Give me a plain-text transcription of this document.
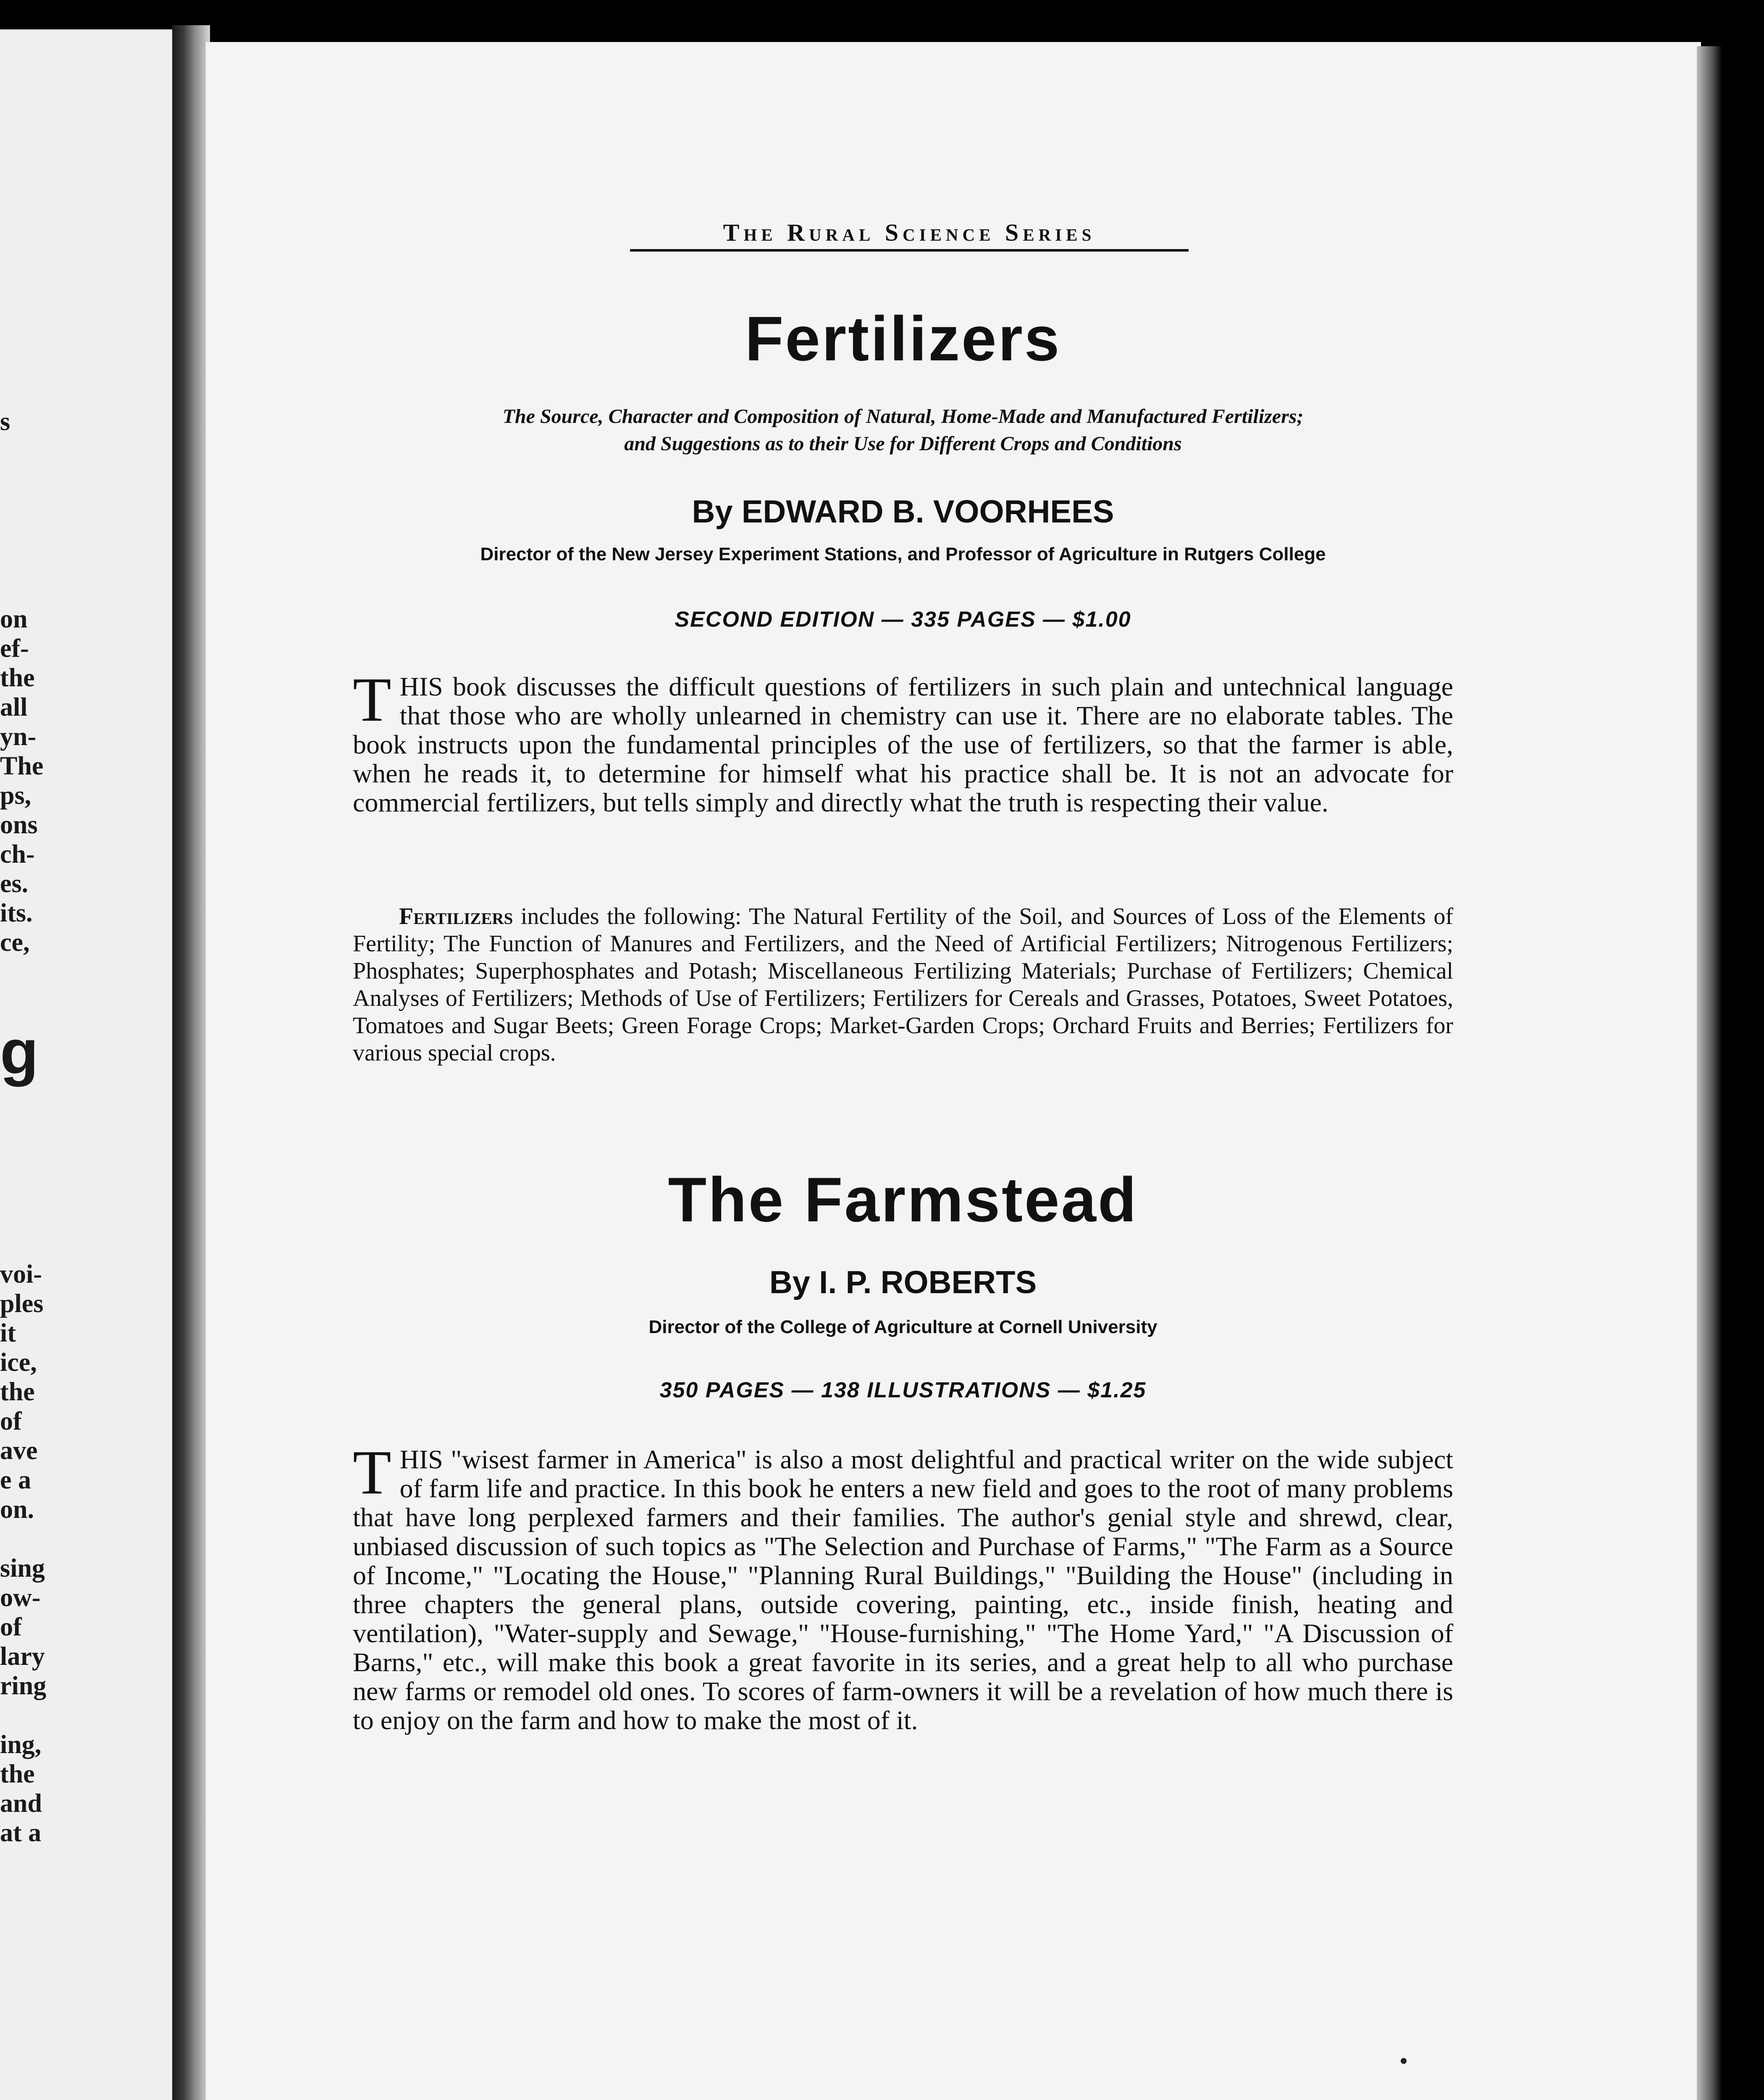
s
on
ef-
the
all
yn-
The
ps,
ons
ch-
es.
its.
ce,
g
voi-
ples
it
ice,
the
of
ave
e a
on.
sing
ow-
of
lary
ring
ing,
the
and
at a
The Rural Science Series
Fertilizers
The Source, Character and Composition of Natural, Home-Made and Manufactured Fertilizers;
and Suggestions as to their Use for Different Crops and Conditions
By EDWARD B. VOORHEES
Director of the New Jersey Experiment Stations, and Professor of Agriculture in Rutgers College
SECOND EDITION — 335 PAGES — $1.00
THIS book discusses the difficult questions of fertilizers in such plain and untechnical language that those who are wholly unlearned in chemistry can use it. There are no elaborate tables. The book instructs upon the fundamental principles of the use of fertilizers, so that the farmer is able, when he reads it, to determine for himself what his practice shall be. It is not an advocate for commercial fertilizers, but tells simply and directly what the truth is respecting their value.
Fertilizers includes the following: The Natural Fertility of the Soil, and Sources of Loss of the Elements of Fertility; The Function of Manures and Fertilizers, and the Need of Artificial Fertilizers; Nitrogenous Fertilizers; Phosphates; Superphosphates and Potash; Miscellaneous Fertilizing Materials; Purchase of Fertilizers; Chemical Analyses of Fertilizers; Methods of Use of Fertilizers; Fertilizers for Cereals and Grasses, Potatoes, Sweet Potatoes, Tomatoes and Sugar Beets; Green Forage Crops; Market-Garden Crops; Orchard Fruits and Berries; Fertilizers for various special crops.
The Farmstead
By I. P. ROBERTS
Director of the College of Agriculture at Cornell University
350 PAGES — 138 ILLUSTRATIONS — $1.25
THIS "wisest farmer in America" is also a most delightful and practical writer on the wide subject of farm life and practice. In this book he enters a new field and goes to the root of many problems that have long perplexed farmers and their families. The author's genial style and shrewd, clear, unbiased discussion of such topics as "The Selection and Purchase of Farms," "The Farm as a Source of Income," "Locating the House," "Planning Rural Buildings," "Building the House" (including in three chapters the general plans, outside covering, painting, etc., inside finish, heating and ventilation), "Water-supply and Sewage," "House-furnishing," "The Home Yard," "A Discussion of Barns," etc., will make this book a great favorite in its series, and a great help to all who purchase new farms or remodel old ones. To scores of farm-owners it will be a revelation of how much there is to enjoy on the farm and how to make the most of it.
